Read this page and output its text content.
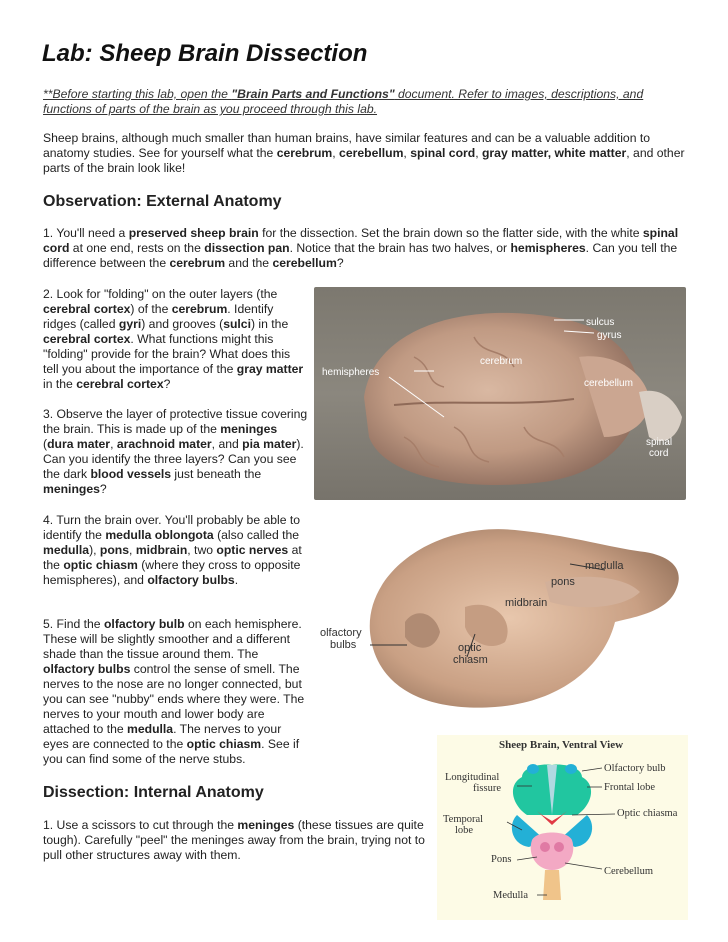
Lab: Sheep Brain Dissection
**Before starting this lab, open the "Brain Parts and Functions" document. Refer to images, descriptions, and functions of parts of the brain as you proceed through this lab.
Sheep brains, although much smaller than human brains, have similar features and can be a valuable addition to anatomy studies. See for yourself what the cerebrum, cerebellum, spinal cord, gray matter, white matter, and other parts of the brain look like!
Observation: External Anatomy
1. You'll need a preserved sheep brain for the dissection. Set the brain down so the flatter side, with the white spinal cord at one end, rests on the dissection pan. Notice that the brain has two halves, or hemispheres. Can you tell the difference between the cerebrum and the cerebellum?
2. Look for "folding" on the outer layers (the cerebral cortex) of the cerebrum. Identify ridges (called gyri) and grooves (sulci) in the cerebral cortex. What functions might this "folding" provide for the brain? What does this tell you about the importance of the gray matter in the cerebral cortex?
3. Observe the layer of protective tissue covering the brain. This is made up of the meninges (dura mater, arachnoid mater, and pia mater). Can you identify the three layers? Can you see the dark blood vessels just beneath the meninges?
4. Turn the brain over. You'll probably be able to identify the medulla oblongota (also called the medulla), pons, midbrain, two optic nerves at the optic chiasm (where they cross to opposite hemispheres), and olfactory bulbs.
5. Find the olfactory bulb on each hemisphere. These will be slightly smoother and a different shade than the tissue around them. The olfactory bulbs control the sense of smell. The nerves to the nose are no longer connected, but you can see "nubby" ends where they were. The nerves to your mouth and lower body are attached to the medulla. The nerves to your eyes are connected to the optic chiasm. See if you can find some of the nerve stubs.
Dissection: Internal Anatomy
1. Use a scissors to cut through the meninges (these tissues are quite tough). Carefully "peel" the meninges away from the brain, trying not to pull other structures away with them.
sulcus
gyrus
cerebrum
hemispheres
cerebellum
spinal
cord
medulla
pons
midbrain
olfactory
bulbs	optic
chiasm
Sheep Brain, Ventral View
Olfactory bulb
Longitudinal
fissure	Frontal lobe
Optic chiasma
Temporal
lobe
Pons
Cerebellum
Medulla
